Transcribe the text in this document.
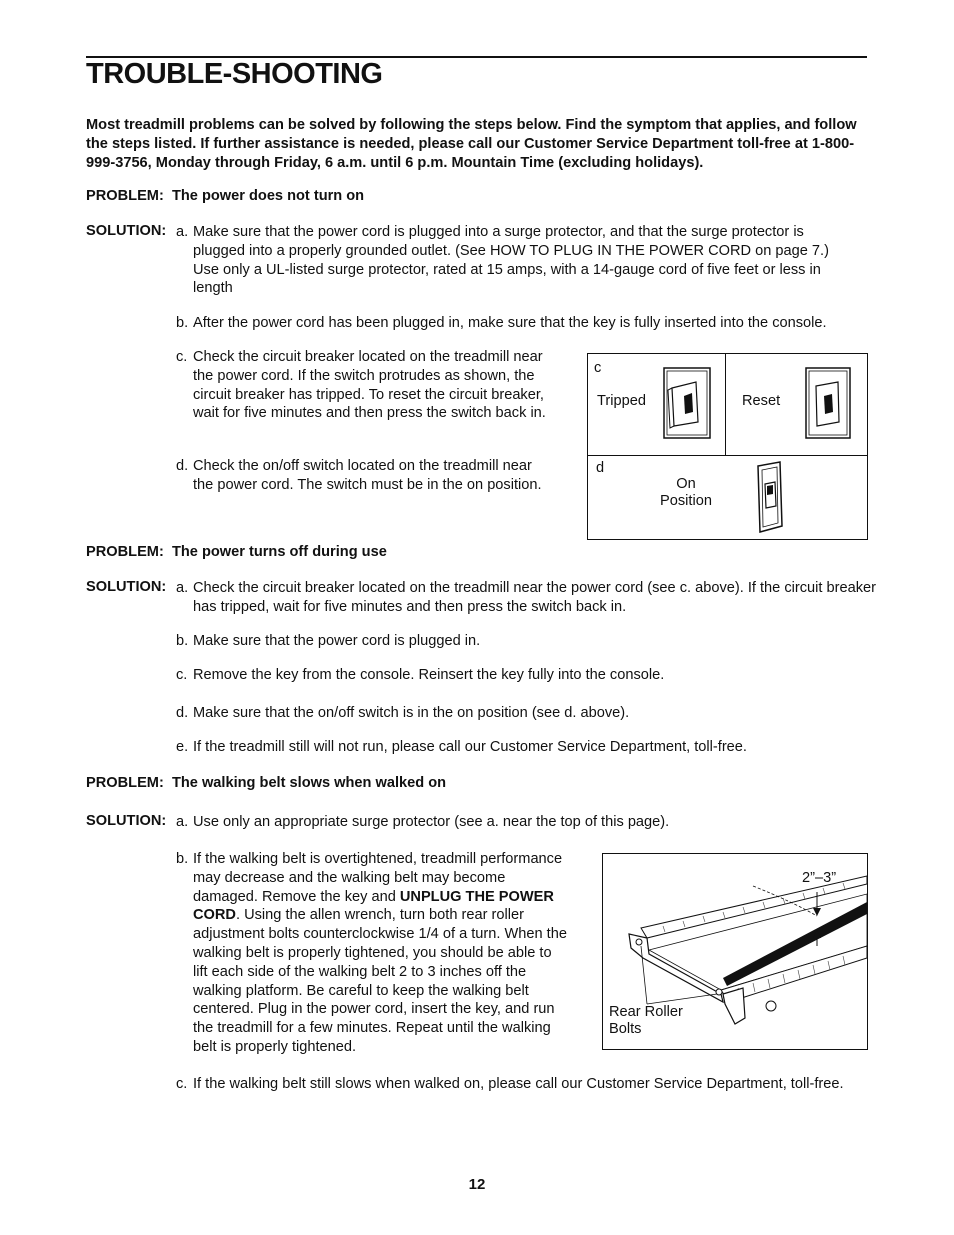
TROUBLE-SHOOTING
Most treadmill problems can be solved by following the steps below. Find the symptom that applies, and follow the steps listed. If further assistance is needed, please call our Customer Service Department toll-free at 1-800-999-3756, Monday through Friday, 6 a.m. until 6 p.m. Mountain Time (excluding holidays).
PROBLEM: The power does not turn on
SOLUTION: a. Make sure that the power cord is plugged into a surge protector, and that the surge protector is plugged into a properly grounded outlet. (See HOW TO PLUG IN THE POWER CORD on page 7.) Use only a UL-listed surge protector, rated at 15 amps, with a 14-gauge cord of five feet or less in length
b. After the power cord has been plugged in, make sure that the key is fully inserted into the console.
c. Check the circuit breaker located on the treadmill near the power cord. If the switch protrudes as shown, the circuit breaker has tripped. To reset the circuit breaker, wait for five minutes and then press the switch back in.
d. Check the on/off switch located on the treadmill near the power cord. The switch must be in the on position.
c
Tripped	Reset
d
On
Position
PROBLEM: The power turns off during use
SOLUTION: a. Check the circuit breaker located on the treadmill near the power cord (see c. above). If the circuit breaker has tripped, wait for five minutes and then press the switch back in.
b. Make sure that the power cord is plugged in.
c. Remove the key from the console. Reinsert the key fully into the console.
d. Make sure that the on/off switch is in the on position (see d. above).
e. If the treadmill still will not run, please call our Customer Service Department, toll-free.
PROBLEM: The walking belt slows when walked on
SOLUTION: a. Use only an appropriate surge protector (see a. near the top of this page).
b. If the walking belt is overtightened, treadmill performance may decrease and the walking belt may become damaged. Remove the key and UNPLUG THE POWER CORD. Using the allen wrench, turn both rear roller adjustment bolts counterclockwise 1/4 of a turn. When the walking belt is properly tightened, you should be able to lift each side of the walking belt 2 to 3 inches off the walking platform. Be careful to keep the walking belt centered. Plug in the power cord, insert the key, and run the treadmill for a few minutes. Repeat until the walking belt is properly tightened.
c. If the walking belt still slows when walked on, please call our Customer Service Department, toll-free.
2”–3”
Rear Roller
Bolts
12
